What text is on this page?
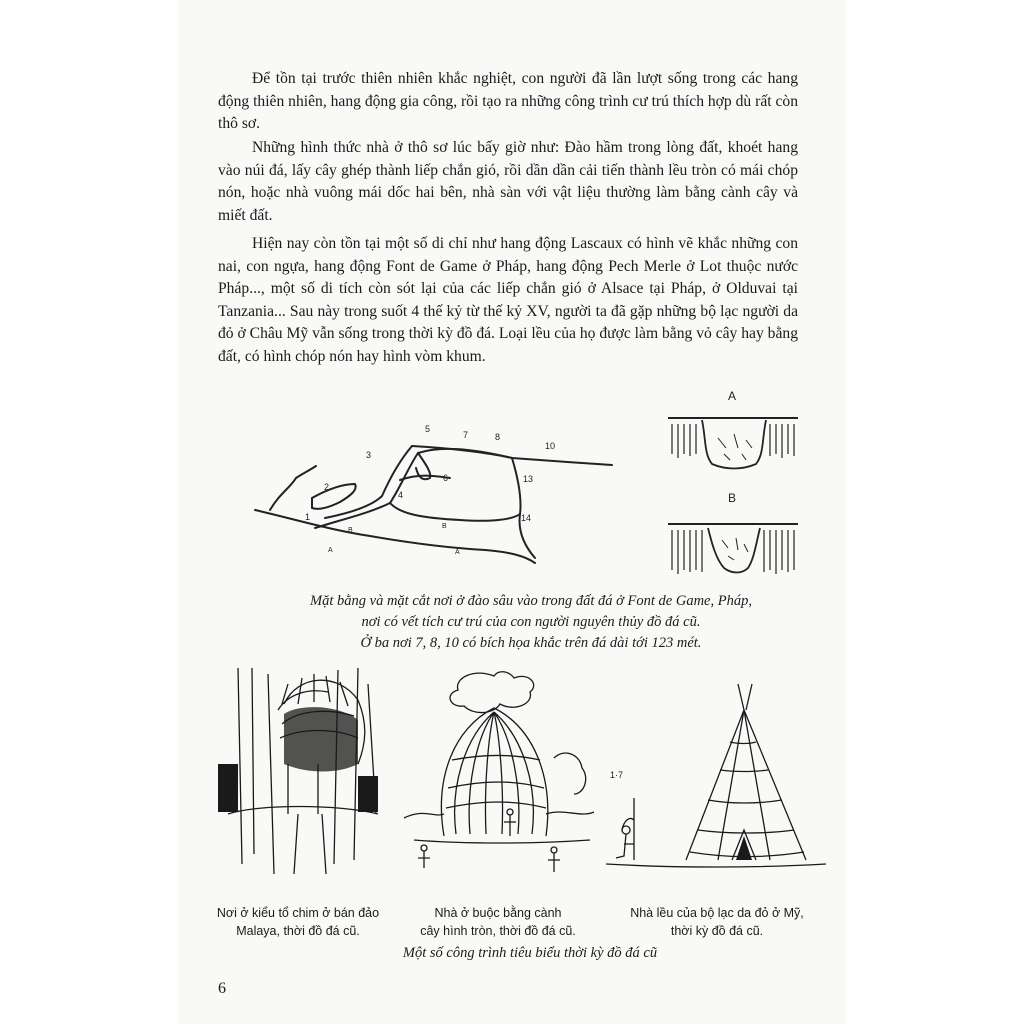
Để tồn tại trước thiên nhiên khắc nghiệt, con người đã lần lượt sống trong các hang động thiên nhiên, hang động gia công, rồi tạo ra những công trình cư trú thích hợp dù rất còn thô sơ.

Những hình thức nhà ở thô sơ lúc bấy giờ như: Đào hầm trong lòng đất, khoét hang vào núi đá, lấy cây ghép thành liếp chắn gió, rồi dần dần cải tiến thành lều tròn có mái chóp nón, hoặc nhà vuông mái dốc hai bên, nhà sàn với vật liệu thường làm bằng cành cây và miết đất.

Hiện nay còn tồn tại một số di chỉ như hang động Lascaux có hình vẽ khắc những con nai, con ngựa, hang động Font de Game ở Pháp, hang động Pech Merle ở Lot thuộc nước Pháp..., một số di tích còn sót lại của các liếp chắn gió ở Alsace tại Pháp, ở Olduvai tại Tanzania... Sau này trong suốt 4 thế kỷ từ thế kỷ XV, người ta đã gặp những bộ lạc người da đỏ ở Châu Mỹ vẫn sống trong thời kỳ đồ đá. Loại lều của họ được làm bằng vỏ cây hay bằng đất, có hình chóp nón hay hình vòm khum.

1
2
3
4
5
6
7	8
10
13
14
A
B
B
A
A
B

Mặt bằng và mặt cắt nơi ở đào sâu vào trong đất đá ở Font de Game, Pháp,

nơi có vết tích cư trú của con người nguyên thủy đồ đá cũ.

Ở ba nơi 7, 8, 10 có bích họa khắc trên đá dài tới 123 mét.

1·7

Nơi ở kiểu tổ chim ở bán đảo

Malaya, thời đồ đá cũ.

Nhà ở buộc bằng cành

cây hình tròn, thời đồ đá cũ.

Nhà lều của bộ lạc da đỏ ở Mỹ,

thời kỳ đồ đá cũ.

Một số công trình tiêu biểu thời kỳ đồ đá cũ

6
